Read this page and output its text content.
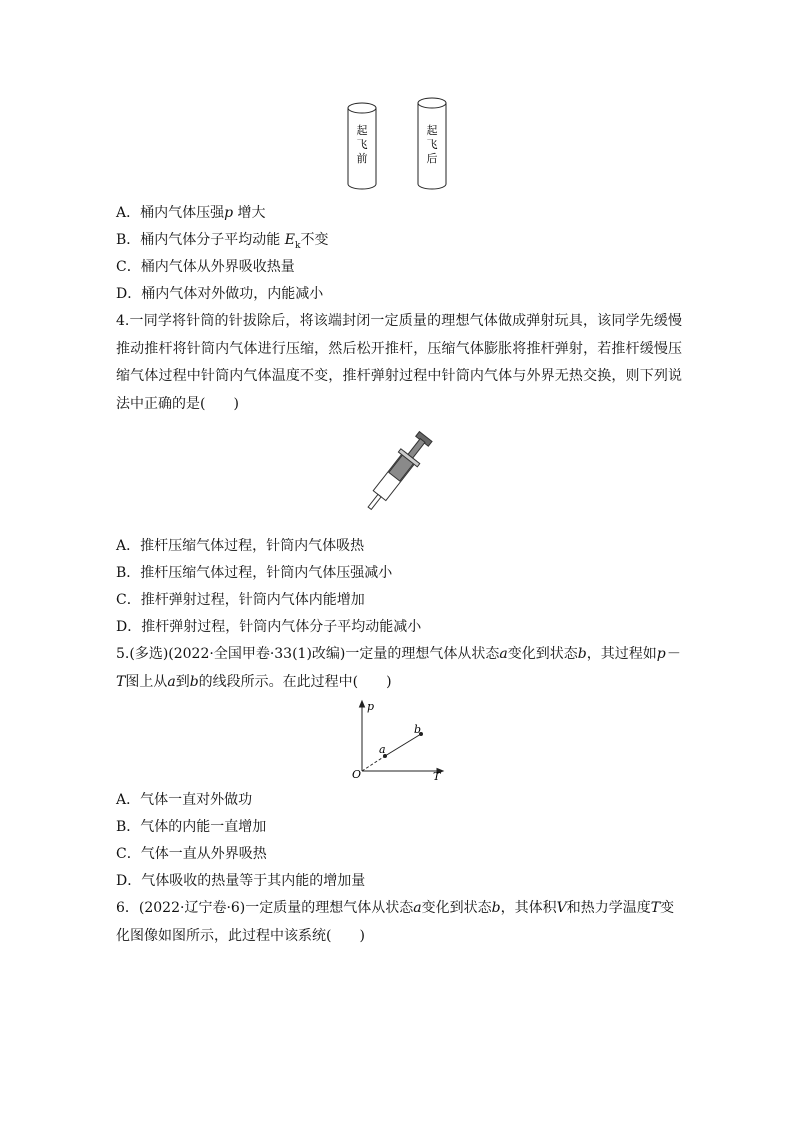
起
飞
前
起
飞
后
A．桶内气体压强p 增大
B．桶内气体分子平均动能 $E_k$不变
C．桶内气体从外界吸收热量
D．桶内气体对外做功，内能减小
4.一同学将针筒的针拔除后，将该端封闭一定质量的理想气体做成弹射玩具，该同学先缓慢推动推杆将针筒内气体进行压缩，然后松开推杆，压缩气体膨胀将推杆弹射，若推杆缓慢压缩气体过程中针筒内气体温度不变，推杆弹射过程中针筒内气体与外界无热交换，则下列说法中正确的是(　　)
A．推杆压缩气体过程，针筒内气体吸热
B．推杆压缩气体过程，针筒内气体压强减小
C．推杆弹射过程，针筒内气体内能增加
D．推杆弹射过程，针筒内气体分子平均动能减小
5.(多选)(2022·全国甲卷·33(1)改编)一定量的理想气体从状态a变化到状态b，其过程如p－T图上从a到b的线段所示。在此过程中(　　)
p
T
O
a
b
A．气体一直对外做功
B．气体的内能一直增加
C．气体一直从外界吸热
D．气体吸收的热量等于其内能的增加量
6．(2022·辽宁卷·6)一定质量的理想气体从状态a变化到状态b，其体积V和热力学温度T变化图像如图所示，此过程中该系统(　　)
